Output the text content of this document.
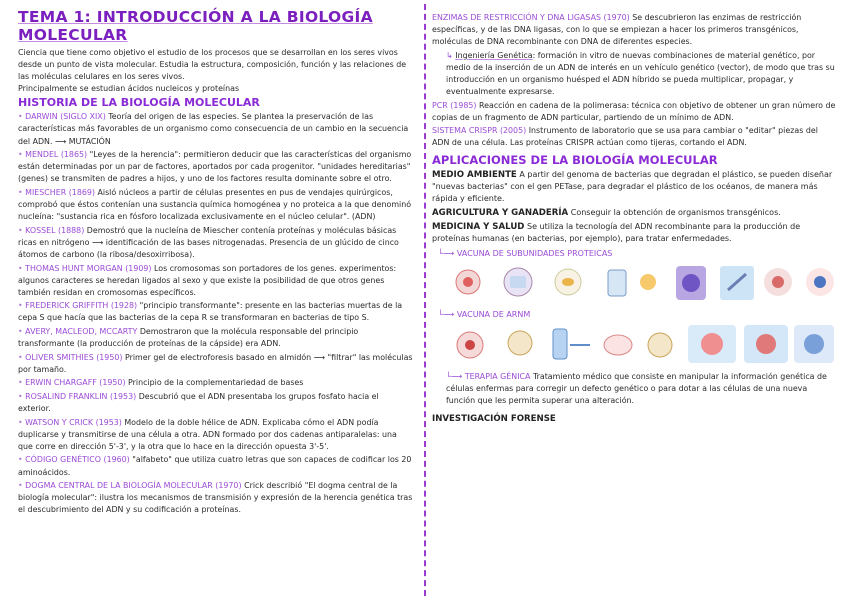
TEMA 1: INTRODUCCIÓN A LA BIOLOGÍA MOLECULAR

Ciencia que tiene como objetivo el estudio de los procesos que se desarrollan en los seres vivos desde un punto de vista molecular. Estudia la estructura, composición, función y las relaciones de las moléculas celulares en los seres vivos.

Principalmente se estudian ácidos nucleicos y proteínas

HISTORIA DE LA BIOLOGÍA MOLECULAR
• DARWIN (SIGLO XIX) Teoría del origen de las especies. Se plantea la preservación de las características más favorables de un organismo como consecuencia de un cambio en la secuencia del ADN. ⟶ MUTACIÓN
• MENDEL (1865) "Leyes de la herencia": permitieron deducir que las características del organismo están determinadas por un par de factores, aportados por cada progenitor. "unidades hereditarias" (genes) se transmiten de padres a hijos, y uno de los factores resulta dominante sobre el otro.
• MIESCHER (1869) Aisló núcleos a partir de células presentes en pus de vendajes quirúrgicos, comprobó que éstos contenían una sustancia química homogénea y no proteica a la que denominó nucleína: "sustancia rica en fósforo localizada exclusivamente en el núcleo celular". (ADN)
• KOSSEL (1888) Demostró que la nucleína de Miescher contenía proteínas y moléculas básicas ricas en nitrógeno ⟶ identificación de las bases nitrogenadas. Presencia de un glúcido de cinco átomos de carbono (la ribosa/desoxirribosa).
• THOMAS HUNT MORGAN (1909) Los cromosomas son portadores de los genes. experimentos: algunos caracteres se heredan ligados al sexo y que existe la posibilidad de que otros genes también residan en cromosomas específicos.
• FREDERICK GRIFFITH (1928) "principio transformante": presente en las bacterias muertas de la cepa S que hacía que las bacterias de la cepa R se transformaran en bacterias de tipo S.
• AVERY, MACLEOD, MCCARTY Demostraron que la molécula responsable del principio transformante (la producción de proteínas de la cápside) era ADN.
• OLIVER SMITHIES (1950) Primer gel de electroforesis basado en almidón ⟶ "filtrar" las moléculas por tamaño.
• ERWIN CHARGAFF (1950) Principio de la complementariedad de bases
• ROSALIND FRANKLIN (1953) Descubrió que el ADN presentaba los grupos fosfato hacia el exterior.
• WATSON Y CRICK (1953) Modelo de la doble hélice de ADN. Explicaba cómo el ADN podía duplicarse y transmitirse de una célula a otra. ADN formado por dos cadenas antiparalelas: una que corre en dirección 5'-3', y la otra que lo hace en la dirección opuesta 3'-5'.
• CÓDIGO GENÉTICO (1960) "alfabeto" que utiliza cuatro letras que son capaces de codificar los 20 aminoácidos.
• DOGMA CENTRAL DE LA BIOLOGÍA MOLECULAR (1970) Crick describió "El dogma central de la biología molecular": ilustra los mecanismos de transmisión y expresión de la herencia genética tras el descubrimiento del ADN y su codificación a proteínas.
ENZIMAS DE RESTRICCIÓN Y DNA LIGASAS (1970) Se descubrieron las enzimas de restricción específicas, y de las DNA ligasas, con lo que se empiezan a hacer los primeros transgénicos, moléculas de DNA recombinante con DNA de diferentes especies.
↳ Ingeniería Genética: formación in vitro de nuevas combinaciones de material genético, por medio de la inserción de un ADN de interés en un vehículo genético (vector), de modo que tras su introducción en un organismo huésped el ADN híbrido se pueda multiplicar, propagar, y eventualmente expresarse.
PCR (1985) Reacción en cadena de la polimerasa: técnica con objetivo de obtener un gran número de copias de un fragmento de ADN particular, partiendo de un mínimo de ADN.
SISTEMA CRISPR (2005) Instrumento de laboratorio que se usa para cambiar o "editar" piezas del ADN de una célula. Las proteínas CRISPR actúan como tijeras, cortando el ADN.
APLICACIONES DE LA BIOLOGÍA MOLECULAR
MEDIO AMBIENTE A partir del genoma de bacterias que degradan el plástico, se pueden diseñar "nuevas bacterias" con el gen PETase, para degradar el plástico de los océanos, de manera más rápida y eficiente.
AGRICULTURA Y GANADERÍA Conseguir la obtención de organismos transgénicos.
MEDICINA Y SALUD Se utiliza la tecnología del ADN recombinante para la producción de proteínas humanas (en bacterias, por ejemplo), para tratar enfermedades.
└⟶ VACUNA DE SUBUNIDADES PROTEICAS
└⟶ VACUNA DE ARNM
└⟶ TERAPIA GÉNICA Tratamiento médico que consiste en manipular la información genética de células enfermas para corregir un defecto genético o para dotar a las células de una nueva función que les permita superar una alteración.
INVESTIGACIÓN FORENSE
